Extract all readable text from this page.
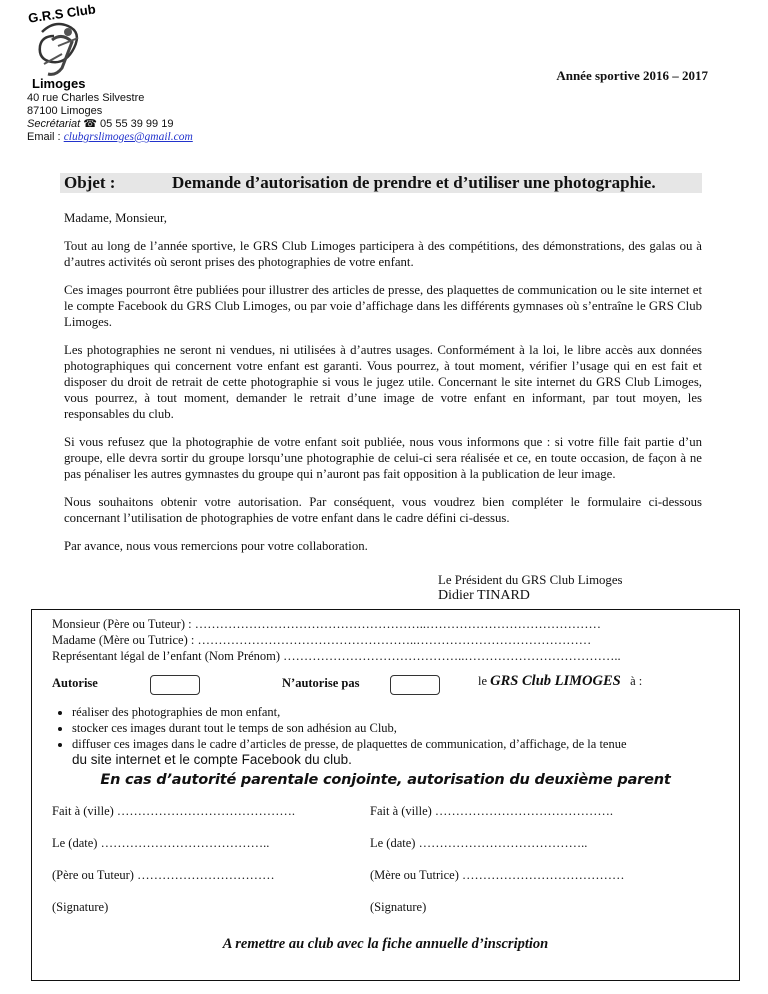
G.R.S Club
Limoges
Année sportive 2016 – 2017
40 rue Charles Silvestre
87100 Limoges
Secrétariat ☎ 05 55 39 99 19
Email : clubgrslimoges@gmail.com
Objet :	Demande d’autorisation de prendre et d’utiliser une photographie.

Madame, Monsieur,

Tout au long de l’année sportive, le GRS Club Limoges participera à des compétitions, des démonstrations, des galas ou à d’autres activités où seront prises des photographies de votre enfant.

Ces images pourront être publiées pour illustrer des articles de presse, des plaquettes de communication ou le site internet et le compte Facebook du GRS Club Limoges, ou par voie d’affichage dans les différents gymnases où s’entraîne le GRS Club Limoges.

Les photographies ne seront ni vendues, ni utilisées à d’autres usages. Conformément à la loi, le libre accès aux données photographiques qui concernent votre enfant est garanti. Vous pourrez, à tout moment, vérifier l’usage qui en est fait et disposer du droit de retrait de cette photographie si vous le jugez utile. Concernant le site internet du GRS Club Limoges, vous pourrez, à tout moment, demander le retrait d’une image de votre enfant en informant, par tout moyen, les responsables du club.

Si vous refusez que la photographie de votre enfant soit publiée, nous vous informons que : si votre fille fait partie d’un groupe, elle devra sortir du groupe lorsqu’une photographie de celui-ci sera réalisée et ce, en toute occasion, de façon à ne pas pénaliser les autres gymnastes du groupe qui n’auront pas fait opposition à la publication de leur image.

Nous souhaitons obtenir votre autorisation. Par conséquent, vous voudrez bien compléter le formulaire ci-dessous concernant l’utilisation de photographies de votre enfant dans le cadre défini ci-dessus.

Par avance, nous vous remercions pour votre collaboration.

Le Président du GRS Club Limoges
Didier TINARD
Monsieur (Père ou Tuteur) : ………………………………………………..……………………………………
Madame (Mère ou Tutrice) : ……………………………………………..……………………………………
Représentant légal de l’enfant (Nom Prénom) ……………………………………..………………………………..
Autorise	N’autorise pas	le GRS Club LIMOGES à :
• réaliser des photographies de mon enfant,
• stocker ces images durant tout le temps de son adhésion au Club,
• diffuser ces images dans le cadre d’articles de presse, de plaquettes de communication, d’affichage, de la tenue
du site internet et le compte Facebook du club.
En cas d’autorité parentale conjointe, autorisation du deuxième parent
Fait à (ville) …………………………………….	Fait à (ville) …………………………………….
Le (date) …………………………………..	Le (date) …………………………………..
(Père ou Tuteur) ……………………………	(Mère ou Tutrice) …………………………………
(Signature)	(Signature)
A remettre au club avec la fiche annuelle d’inscription
